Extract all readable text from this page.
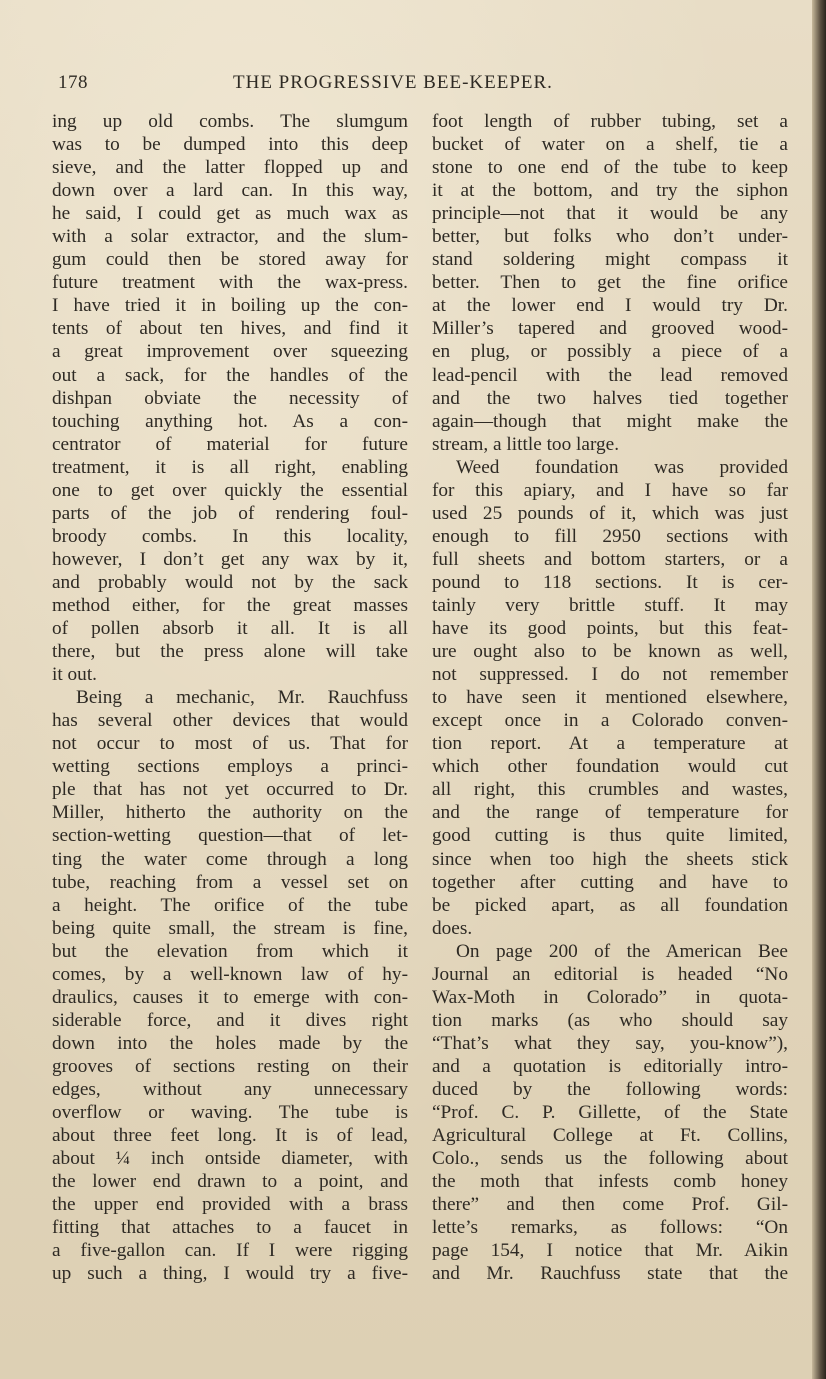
178	THE PROGRESSIVE BEE-KEEPER.
ing up old combs. The slumgum
was to be dumped into this deep
sieve, and the latter flopped up and
down over a lard can. In this way,
he said, I could get as much wax as
with a solar extractor, and the slum-
gum could then be stored away for
future treatment with the wax-press.
I have tried it in boiling up the con-
tents of about ten hives, and find it
a great improvement over squeezing
out a sack, for the handles of the
dishpan obviate the necessity of
touching anything hot. As a con-
centrator of material for future
treatment, it is all right, enabling
one to get over quickly the essential
parts of the job of rendering foul-
broody combs. In this locality,
however, I don’t get any wax by it,
and probably would not by the sack
method either, for the great masses
of pollen absorb it all. It is all
there, but the press alone will take
it out.
Being a mechanic, Mr. Rauchfuss
has several other devices that would
not occur to most of us. That for
wetting sections employs a princi-
ple that has not yet occurred to Dr.
Miller, hitherto the authority on the
section-wetting question—that of let-
ting the water come through a long
tube, reaching from a vessel set on
a height. The orifice of the tube
being quite small, the stream is fine,
but the elevation from which it
comes, by a well-known law of hy-
draulics, causes it to emerge with con-
siderable force, and it dives right
down into the holes made by the
grooves of sections resting on their
edges, without any unnecessary
overflow or waving. The tube is
about three feet long. It is of lead,
about ¼ inch ontside diameter, with
the lower end drawn to a point, and
the upper end provided with a brass
fitting that attaches to a faucet in
a five-gallon can. If I were rigging
up such a thing, I would try a five-
foot length of rubber tubing, set a
bucket of water on a shelf, tie a
stone to one end of the tube to keep
it at the bottom, and try the siphon
principle—not that it would be any
better, but folks who don’t under-
stand soldering might compass it
better. Then to get the fine orifice
at the lower end I would try Dr.
Miller’s tapered and grooved wood-
en plug, or possibly a piece of a
lead-pencil with the lead removed
and the two halves tied together
again—though that might make the
stream, a little too large.
Weed foundation was provided
for this apiary, and I have so far
used 25 pounds of it, which was just
enough to fill 2950 sections with
full sheets and bottom starters, or a
pound to 118 sections. It is cer-
tainly very brittle stuff. It may
have its good points, but this feat-
ure ought also to be known as well,
not suppressed. I do not remember
to have seen it mentioned elsewhere,
except once in a Colorado conven-
tion report. At a temperature at
which other foundation would cut
all right, this crumbles and wastes,
and the range of temperature for
good cutting is thus quite limited,
since when too high the sheets stick
together after cutting and have to
be picked apart, as all foundation
does.
On page 200 of the American Bee
Journal an editorial is headed “No
Wax-Moth in Colorado” in quota-
tion marks (as who should say
“That’s what they say, you-know”),
and a quotation is editorially intro-
duced by the following words:
“Prof. C. P. Gillette, of the State
Agricultural College at Ft. Collins,
Colo., sends us the following about
the moth that infests comb honey
there” and then come Prof. Gil-
lette’s remarks, as follows: “On
page 154, I notice that Mr. Aikin
and Mr. Rauchfuss state that the
